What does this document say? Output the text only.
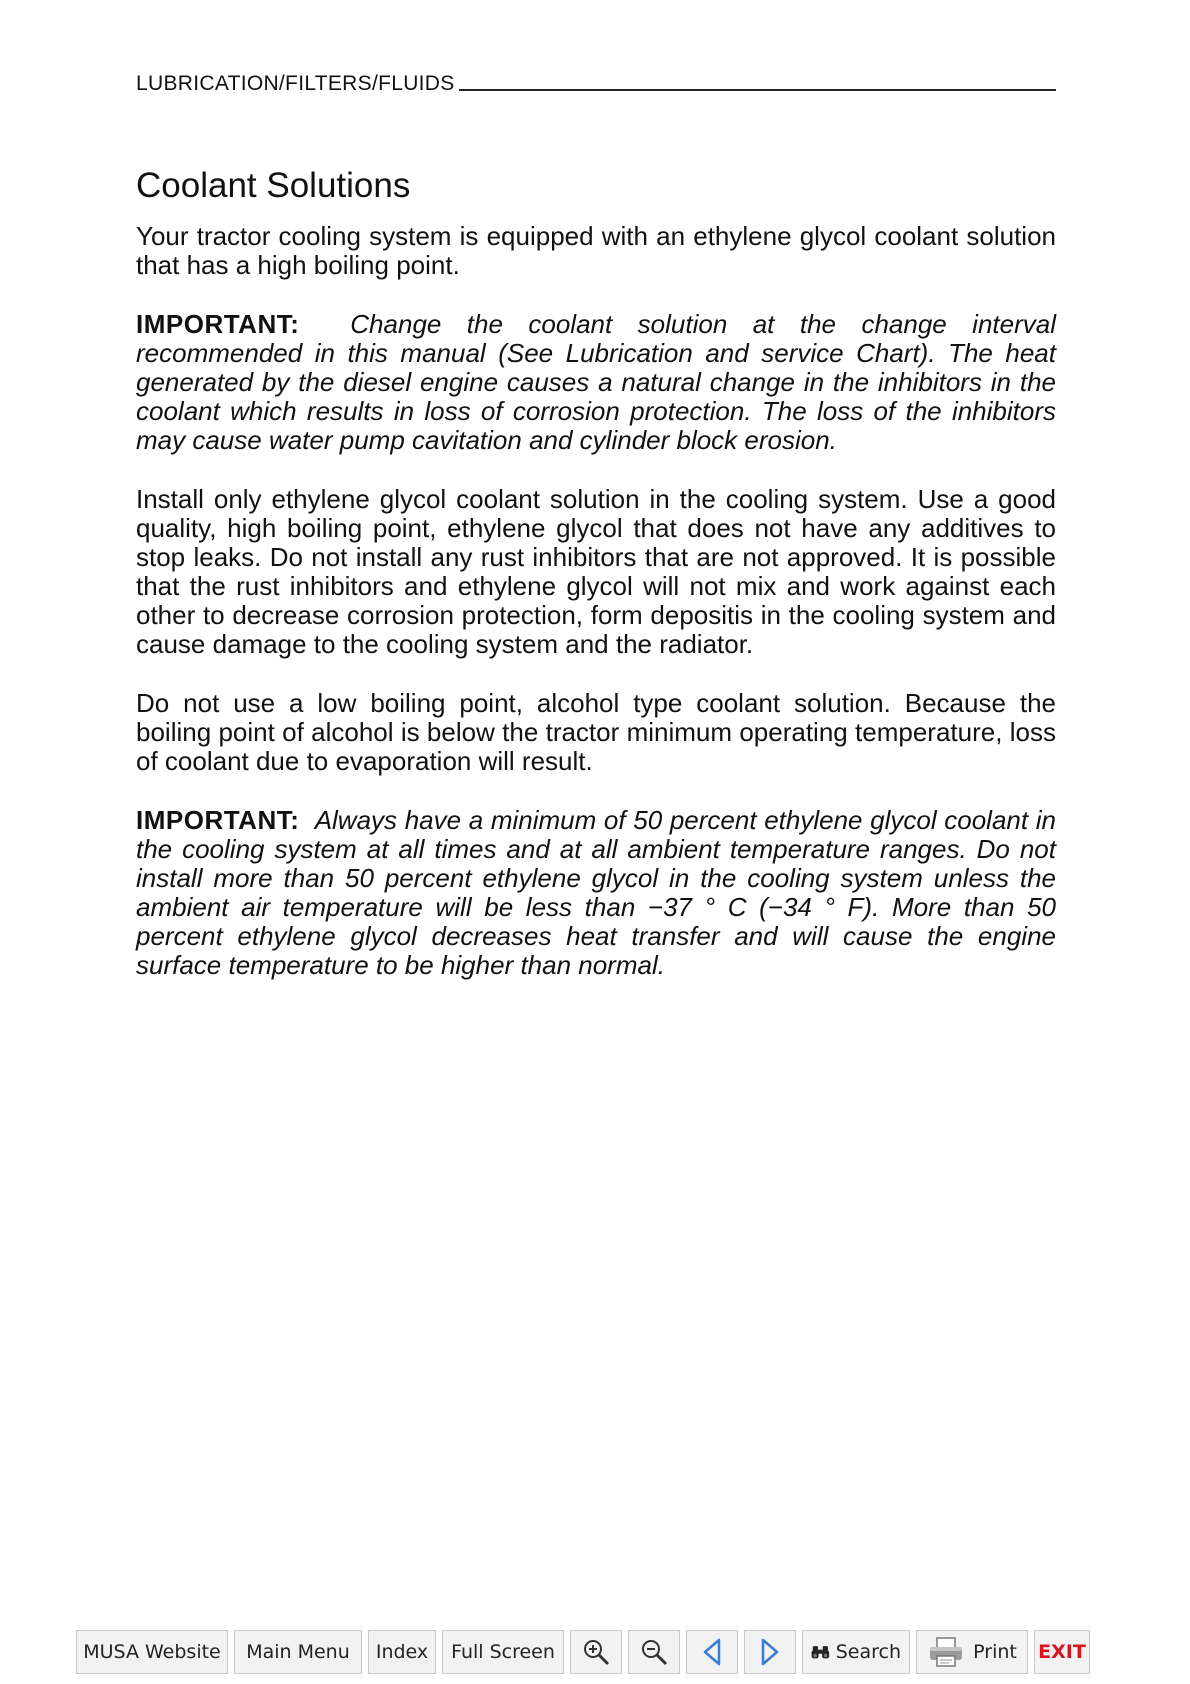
LUBRICATION/FILTERS/FLUIDS
Coolant Solutions

Your tractor cooling system is equipped with an ethylene glycol coolant solution that has a high boiling point.

IMPORTANT: Change the coolant solution at the change interval recommended in this manual (See Lubrication and service Chart). The heat generated by the diesel engine causes a natural change in the inhibitors in the coolant which results in loss of corrosion protection. The loss of the inhibitors may cause water pump cavitation and cylinder block erosion.

Install only ethylene glycol coolant solution in the cooling system. Use a good quality, high boiling point, ethylene glycol that does not have any additives to stop leaks. Do not install any rust inhibitors that are not approved. It is possible that the rust inhibitors and ethylene glycol will not mix and work against each other to decrease corrosion protection, form depositis in the cooling system and cause damage to the cooling system and the radiator.

Do not use a low boiling point, alcohol type coolant solution. Because the boiling point of alcohol is below the tractor minimum operating temperature, loss of coolant due to evaporation will result.

IMPORTANT: Always have a minimum of 50 percent ethylene glycol coolant in the cooling system at all times and at all ambient temperature ranges. Do not install more than 50 percent ethylene glycol in the cooling system unless the ambient air temperature will be less than −37 ° C (−34 ° F). More than 50 percent ethylene glycol decreases heat transfer and will cause the engine surface temperature to be higher than normal.

MUSA Website	Main Menu	Index	Full Screen	Search	Print EXIT
